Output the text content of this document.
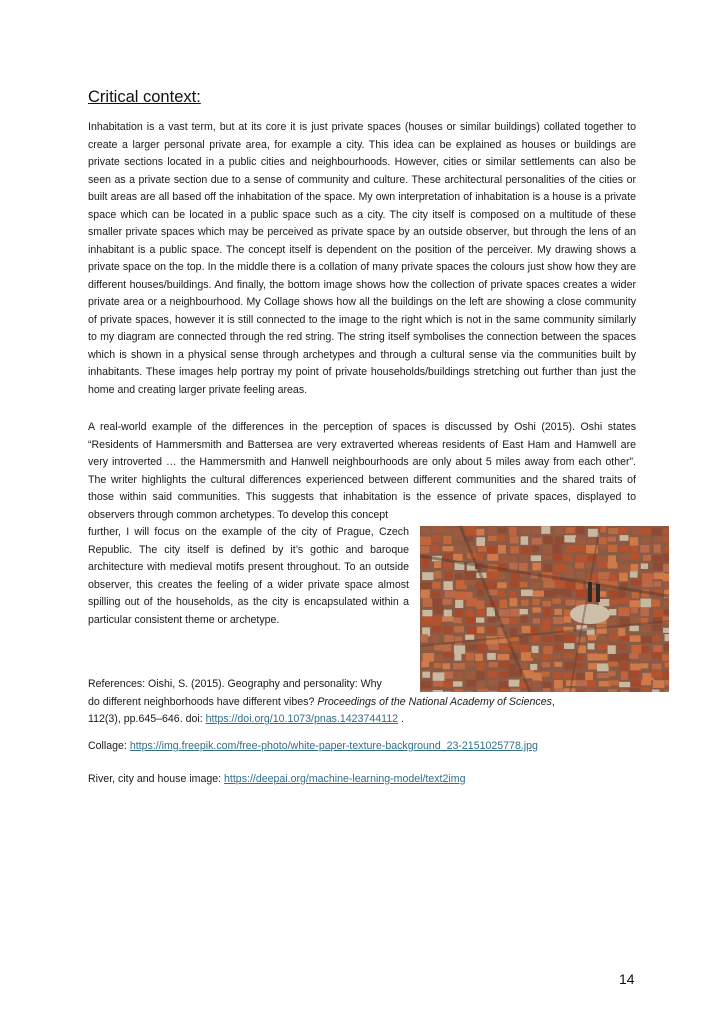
Critical context:

Inhabitation is a vast term, but at its core it is just private spaces (houses or similar buildings) collated together to create a larger personal private area, for example a city. This idea can be explained as houses or buildings are private sections located in a public cities and neighbourhoods. However, cities or similar settlements can also be seen as a private section due to a sense of community and culture. These architectural personalities of the cities or built areas are all based off the inhabitation of the space. My own interpretation of inhabitation is a house is a private space which can be located in a public space such as a city. The city itself is composed on a multitude of these smaller private spaces which may be perceived as private space by an outside observer, but through the lens of an inhabitant is a public space. The concept itself is dependent on the position of the perceiver. My drawing shows a private space on the top. In the middle there is a collation of many private spaces the colours just show how they are different houses/buildings. And finally, the bottom image shows how the collection of private spaces creates a wider private area or a neighbourhood. My Collage shows how all the buildings on the left are showing a close community of private spaces, however it is still connected to the image to the right which is not in the same community similarly to my diagram are connected through the red string. The string itself symbolises the connection between the spaces which is shown in a physical sense through archetypes and through a cultural sense via the communities built by inhabitants. These images help portray my point of private households/buildings stretching out further than just the home and creating larger private feeling areas.

A real-world example of the differences in the perception of spaces is discussed by Oshi (2015). Oshi states “Residents of Hammersmith and Battersea are very extraverted whereas residents of East Ham and Hamwell are very introverted … the Hammersmith and Hanwell neighbourhoods are only about 5 miles away from each other”. The writer highlights the cultural differences experienced between different communities and the shared traits of those within said communities. This suggests that inhabitation is the essence of private spaces, displayed to observers through common archetypes. To develop this concept

further, I will focus on the example of the city of Prague, Czech Republic. The city itself is defined by it’s gothic and baroque architecture with medieval motifs present throughout. To an outside observer, this creates the feeling of a wider private space almost spilling out of the households, as the city is encapsulated within a particular consistent theme or archetype.

References: Oishi, S. (2015). Geography and personality: Why
do different neighborhoods have different vibes? Proceedings of the National Academy of Sciences,
112(3), pp.645–646. doi: https://doi.org/10.1073/pnas.1423744112 .
Collage: https://img.freepik.com/free-photo/white-paper-texture-background_23-2151025778.jpg
River, city and house image: https://deepai.org/machine-learning-model/text2img
14
